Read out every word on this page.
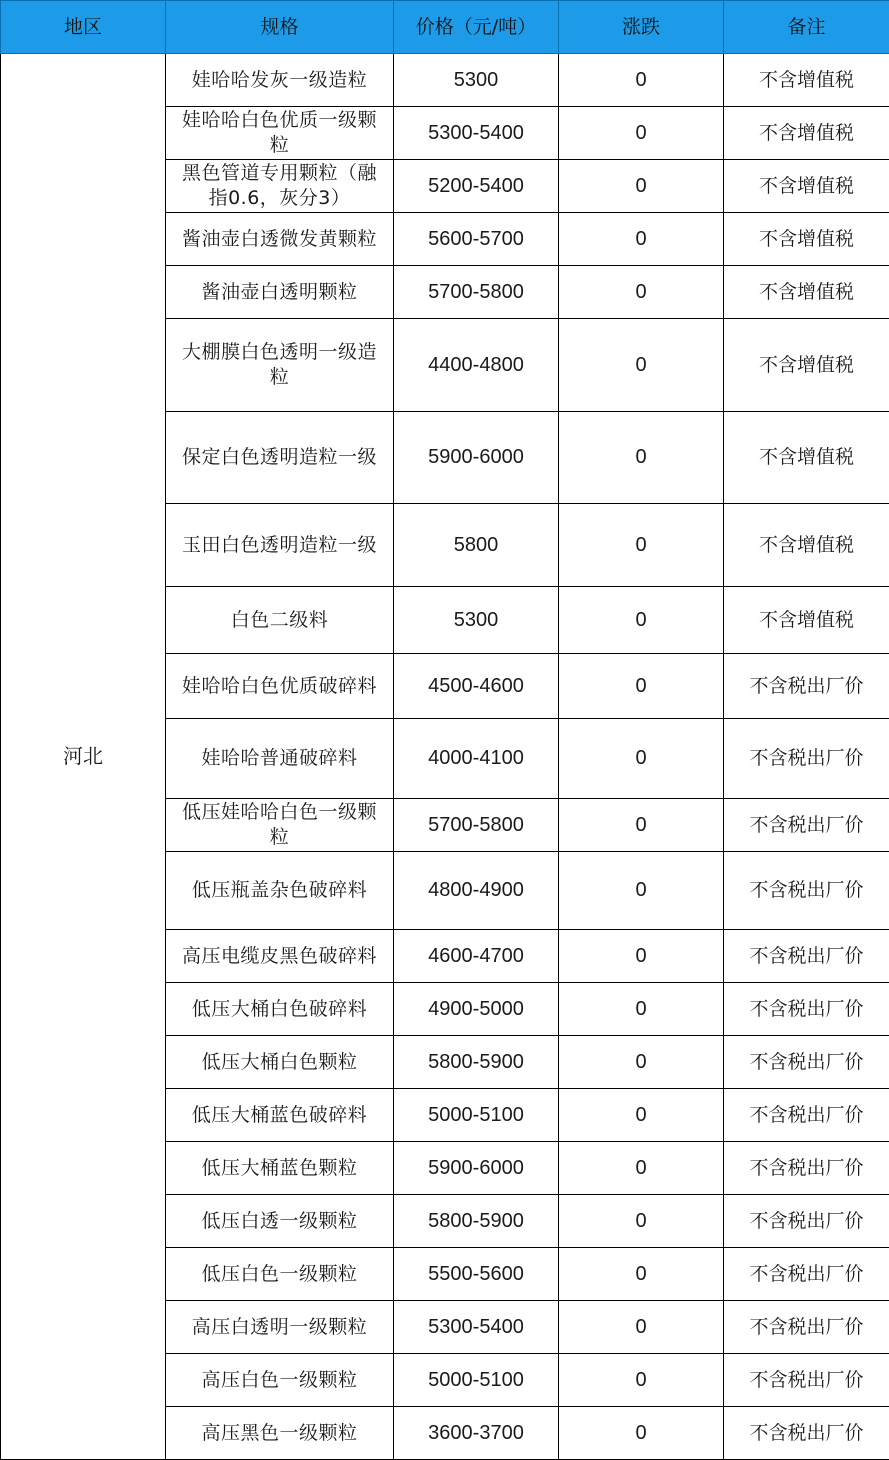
地区	规格	价格（元/吨）	涨跌	备注
河北	娃哈哈发灰一级造粒	5300	0	不含增值税
	娃哈哈白色优质一级颗粒	5300-5400	0	不含增值税
	黑色管道专用颗粒（融指0.6，灰分3）	5200-5400	0	不含增值税
	酱油壶白透微发黄颗粒	5600-5700	0	不含增值税
	酱油壶白透明颗粒	5700-5800	0	不含增值税
	大棚膜白色透明一级造粒	4400-4800	0	不含增值税
	保定白色透明造粒一级	5900-6000	0	不含增值税
	玉田白色透明造粒一级	5800	0	不含增值税
	白色二级料	5300	0	不含增值税
	娃哈哈白色优质破碎料	4500-4600	0	不含税出厂价
	娃哈哈普通破碎料	4000-4100	0	不含税出厂价
	低压娃哈哈白色一级颗粒	5700-5800	0	不含税出厂价
	低压瓶盖杂色破碎料	4800-4900	0	不含税出厂价
	高压电缆皮黑色破碎料	4600-4700	0	不含税出厂价
	低压大桶白色破碎料	4900-5000	0	不含税出厂价
	低压大桶白色颗粒	5800-5900	0	不含税出厂价
	低压大桶蓝色破碎料	5000-5100	0	不含税出厂价
	低压大桶蓝色颗粒	5900-6000	0	不含税出厂价
	低压白透一级颗粒	5800-5900	0	不含税出厂价
	低压白色一级颗粒	5500-5600	0	不含税出厂价
	高压白透明一级颗粒	5300-5400	0	不含税出厂价
	高压白色一级颗粒	5000-5100	0	不含税出厂价
	高压黑色一级颗粒	3600-3700	0	不含税出厂价
